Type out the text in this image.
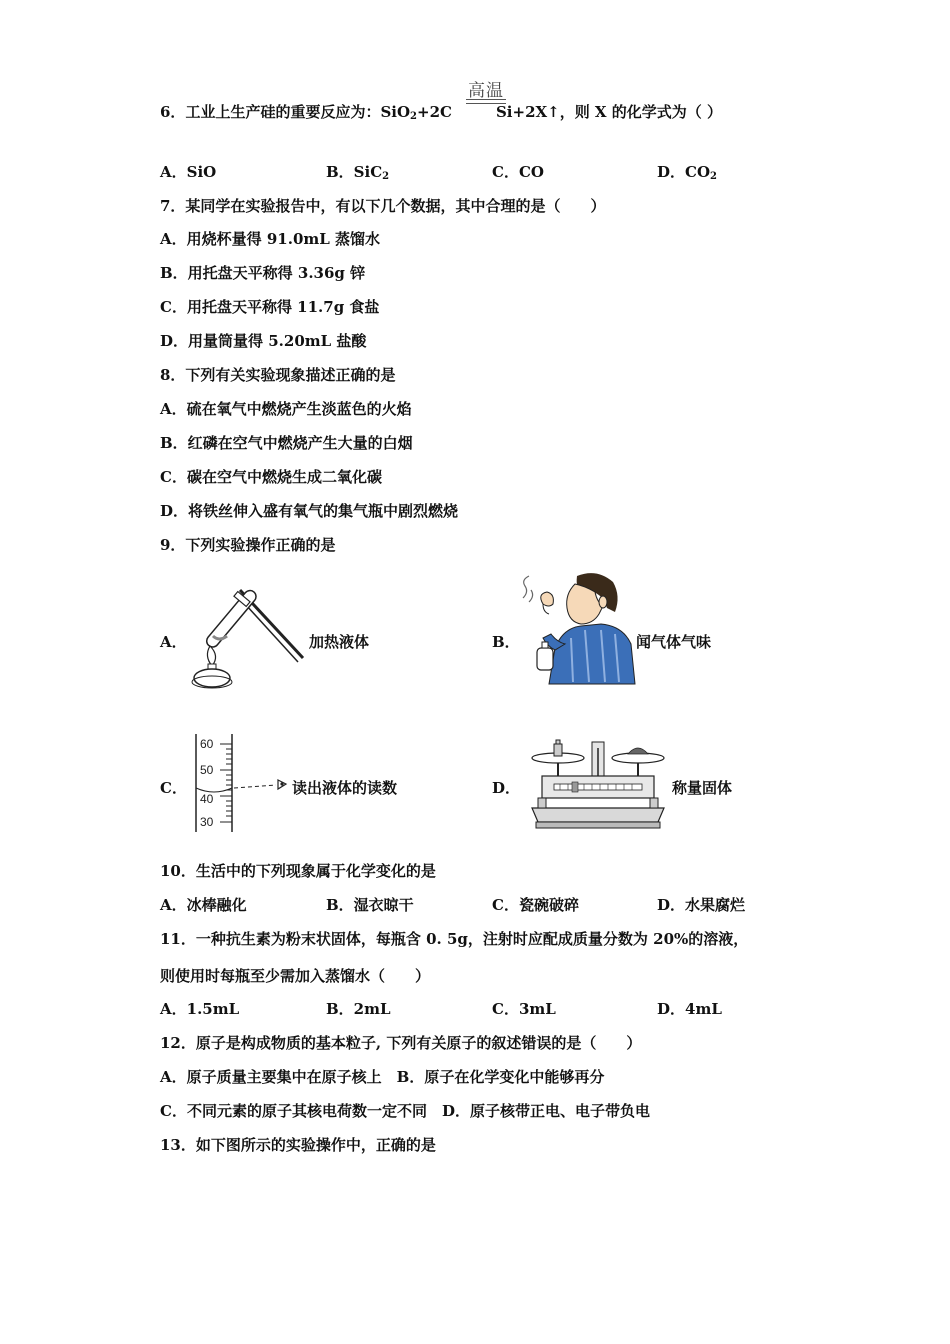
高温
6．工业上生产硅的重要反应为：SiO$_2$+2C	Si+2X↑，则 X 的化学式为（ ）
A．SiO	B．SiC$_2$	C．CO	D．$CO_2$
7．某同学在实验报告中，有以下几个数据，其中合理的是（　　）
A．用烧杯量得 91.0mL 蒸馏水
B．用托盘天平称得 3.36g 锌
C．用托盘天平称得 11.7g 食盐
D．用量筒量得 5.20mL 盐酸
8．下列有关实验现象描述正确的是
A．硫在氧气中燃烧产生淡蓝色的火焰
B．红磷在空气中燃烧产生大量的白烟
C．碳在空气中燃烧生成二氧化碳
D．将铁丝伸入盛有氧气的集气瓶中剧烈燃烧
9．下列实验操作正确的是
A．	加热液体	B．	闻气体气味
C．
60
50
40
30
读出液体的读数	D．	称量固体
10．生活中的下列现象属于化学变化的是
A．冰棒融化	B．湿衣晾干	C．瓷碗破碎	D．水果腐烂
11．一种抗生素为粉末状固体，每瓶含 0. 5g，注射时应配成质量分数为 20%的溶液，
则使用时每瓶至少需加入蒸馏水（　　）
A．1.5mL	B．2mL	C．3mL	D．4mL
12．原子是构成物质的基本粒子, 下列有关原子的叙述错误的是（　　）
A．原子质量主要集中在原子核上　B．原子在化学变化中能够再分
C．不同元素的原子其核电荷数一定不同　D．原子核带正电、电子带负电
13．如下图所示的实验操作中，正确的是
